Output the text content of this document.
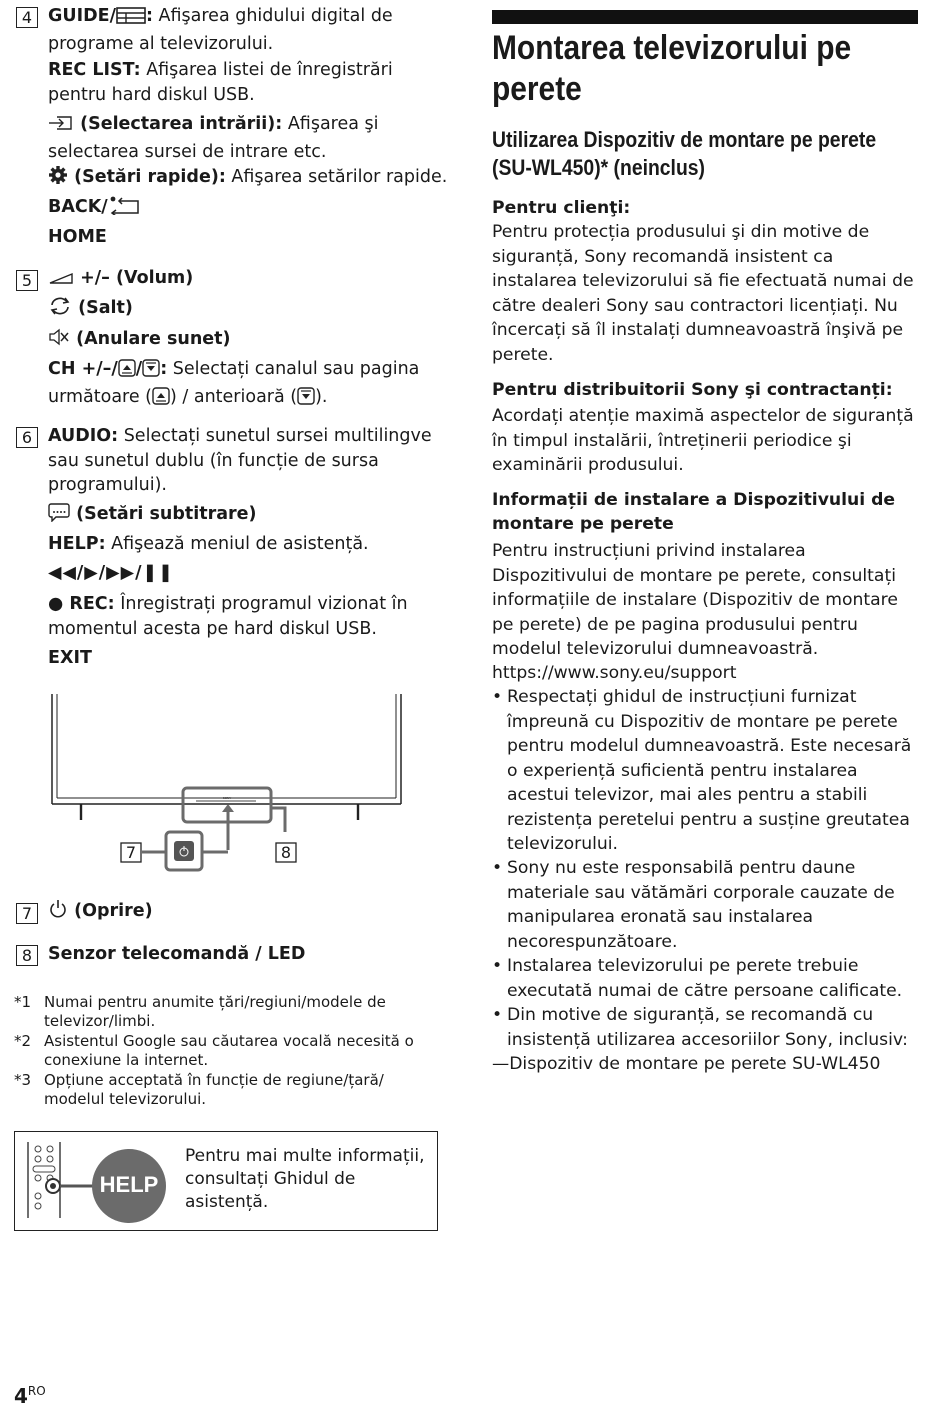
4 GUIDE/ : Afişarea ghidului digital de programe al televizorului.
REC LIST: Afişarea listei de înregistrări pentru hard diskul USB.
(Selectarea intrării): Afişarea şi selectarea sursei de intrare etc.
(Setări rapide): Afişarea setărilor rapide.
BACK/
HOME
5	+/– (Volum)
(Salt)
(Anulare sunet)
CH +/–/ / : Selectați canalul sau pagina următoare ( ) / anterioară ( ).
6 AUDIO: Selectați sunetul sursei multilingve sau sunetul dublu (în funcție de sursa programului).
(Setări subtitrare)
HELP: Afişează meniul de asistență.
◀◀/▶/▶▶/❚❚
● REC: Înregistrați programul vizionat în momentul acesta pe hard diskul USB.
EXIT
7	8
SONY
7	(Oprire)
8 Senzor telecomandă / LED
*1 Numai pentru anumite țări/regiuni/modele de televizor/limbi.
*2 Asistentul Google sau căutarea vocală necesită o conexiune la internet.
*3 Opțiune acceptată în funcție de regiune/țară/ modelul televizorului.
HELP
Pentru mai multe informații, consultați Ghidul de asistență.
$4^{RO}$
Montarea televizorului pe perete
Utilizarea Dispozitiv de montare pe perete (SU-WL450)* (neinclus)
Pentru clienţi:
Pentru protecția produsului şi din motive de siguranță, Sony recomandă insistent ca instalarea televizorului să fie efectuată numai de către dealeri Sony sau contractori licențiați. Nu încercați să îl instalați dumneavoastră înşivă pe perete.
Pentru distribuitorii Sony şi contractanți:
Acordați atenție maximă aspectelor de siguranță în timpul instalării, întreținerii periodice şi examinării produsului.
Informații de instalare a Dispozitivului de montare pe perete
Pentru instrucțiuni privind instalarea Dispozitivului de montare pe perete, consultați informațiile de instalare (Dispozitiv de montare pe perete) de pe pagina produsului pentru modelul televizorului dumneavoastră.
https://www.sony.eu/support
• Respectați ghidul de instrucțiuni furnizat împreună cu Dispozitiv de montare pe perete pentru modelul dumneavoastră. Este necesară o experiență suficientă pentru instalarea acestui televizor, mai ales pentru a stabili rezistența peretelui pentru a susține greutatea televizorului.
• Sony nu este responsabilă pentru daune materiale sau vătămări corporale cauzate de manipularea eronată sau instalarea necorespunzătoare.
• Instalarea televizorului pe perete trebuie executată numai de către persoane calificate.
• Din motive de siguranță, se recomandă cu insistență utilizarea accesoriilor Sony, inclusiv:
—Dispozitiv de montare pe perete SU-WL450
